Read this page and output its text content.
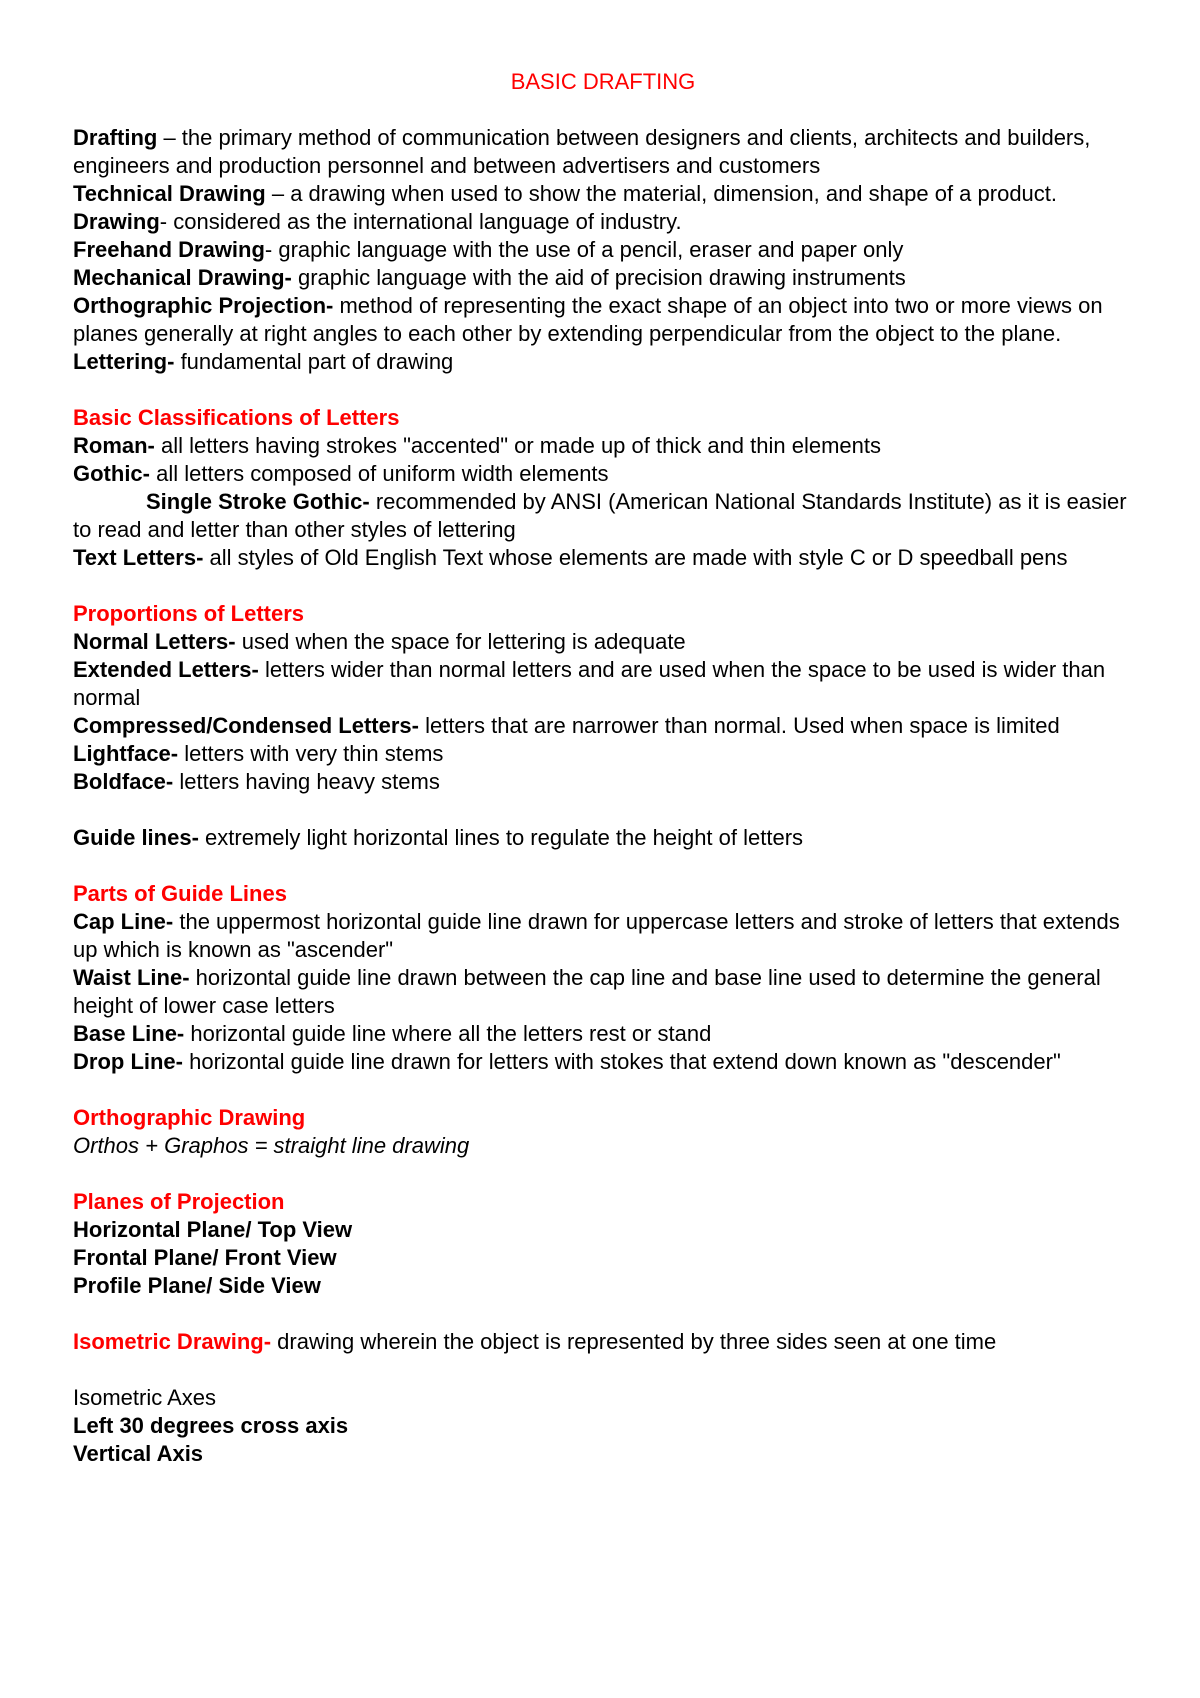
BASIC DRAFTING

Drafting – the primary method of communication between designers and clients, architects and builders, engineers and production personnel and between advertisers and customers

Technical Drawing – a drawing when used to show the material, dimension, and shape of a product.

Drawing- considered as the international language of industry.

Freehand Drawing- graphic language with the use of a pencil, eraser and paper only

Mechanical Drawing- graphic language with the aid of precision drawing instruments

Orthographic Projection- method of representing the exact shape of an object into two or more views on planes generally at right angles to each other by extending perpendicular from the object to the plane.

Lettering- fundamental part of drawing

Basic Classifications of Letters

Roman- all letters having strokes "accented" or made up of thick and thin elements

Gothic- all letters composed of uniform width elements

Single Stroke Gothic- recommended by ANSI (American National Standards Institute) as it is easier to read and letter than other styles of lettering

Text Letters- all styles of Old English Text whose elements are made with style C or D speedball pens

Proportions of Letters

Normal Letters- used when the space for lettering is adequate

Extended Letters- letters wider than normal letters and are used when the space to be used is wider than normal

Compressed/Condensed Letters- letters that are narrower than normal. Used when space is limited

Lightface- letters with very thin stems

Boldface- letters having heavy stems

Guide lines- extremely light horizontal lines to regulate the height of letters

Parts of Guide Lines

Cap Line- the uppermost horizontal guide line drawn for uppercase letters and stroke of letters that extends up which is known as "ascender"

Waist Line- horizontal guide line drawn between the cap line and base line used to determine the general height of lower case letters

Base Line- horizontal guide line where all the letters rest or stand

Drop Line- horizontal guide line drawn for letters with stokes that extend down known as "descender"

Orthographic Drawing

Orthos + Graphos = straight line drawing

Planes of Projection

Horizontal Plane/ Top View

Frontal Plane/ Front View

Profile Plane/ Side View

Isometric Drawing- drawing wherein the object is represented by three sides seen at one time

Isometric Axes

Left 30 degrees cross axis

Vertical Axis
